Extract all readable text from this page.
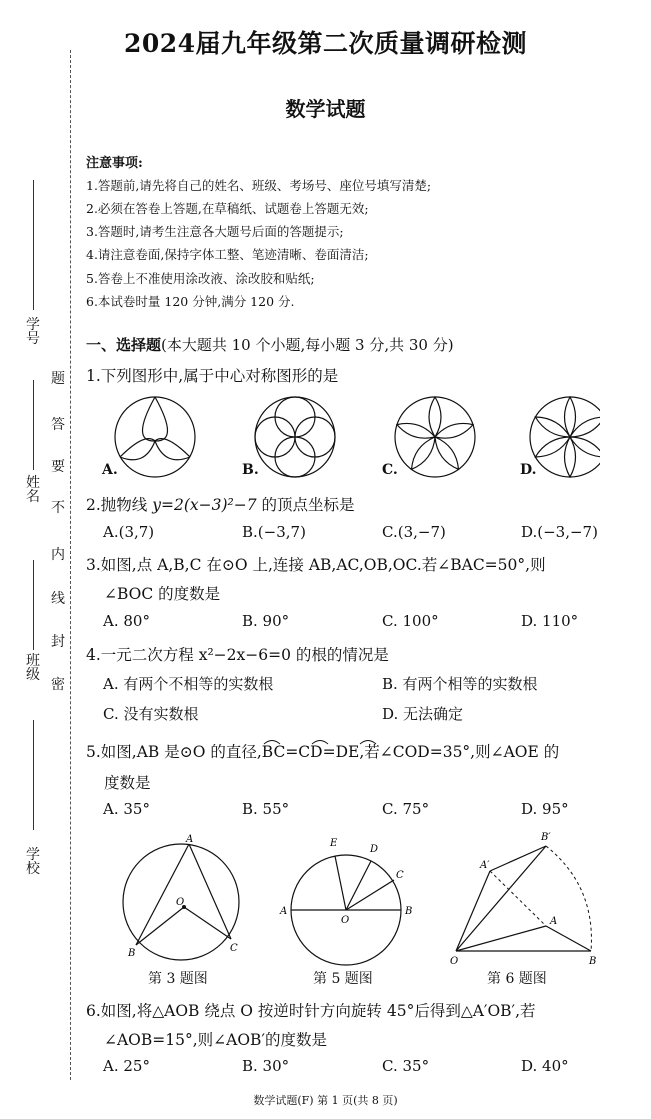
学 号
姓 名
班 级
学 校
题
答
要
不
内
线
封
密
2024届九年级第二次质量调研检测
数学试题
注意事项:
1.答题前,请先将自己的姓名、班级、考场号、座位号填写清楚;
2.必须在答卷上答题,在草稿纸、试题卷上答题无效;
3.答题时,请考生注意各大题号后面的答题提示;
4.请注意卷面,保持字体工整、笔迹清晰、卷面清洁;
5.答卷上不准使用涂改液、涂改胶和贴纸;
6.本试卷时量 120 分钟,满分 120 分.
一、选择题(本大题共 10 个小题,每小题 3 分,共 30 分)
1.下列图形中,属于中心对称图形的是
A.	B.	C.	D.
2.抛物线 y=2(x−3)²−7 的顶点坐标是
A.(3,7)	B.(−3,7)	C.(3,−7)	D.(−3,−7)
3.如图,点 A,B,C 在⊙O 上,连接 AB,AC,OB,OC.若∠BAC=50°,则
∠BOC 的度数是
A. 80°	B. 90°	C. 100°	D. 110°
4.一元二次方程 x²−2x−6=0 的根的情况是
A. 有两个不相等的实数根	B. 有两个相等的实数根
C. 没有实数根	D. 无法确定
5.如图,AB 是⊙O 的直径,BC=CD=DE,若∠COD=35°,则∠AOE 的
度数是
A. 35°	B. 55°	C. 75°	D. 95°
A
O
B	C
E
D
C
A
O
B
B′
A′
A
O	B
第 3 题图	第 5 题图	第 6 题图
6.如图,将△AOB 绕点 O 按逆时针方向旋转 45°后得到△A′OB′,若
∠AOB=15°,则∠AOB′的度数是
A. 25°	B. 30°	C. 35°	D. 40°
数学试题(F) 第 1 页(共 8 页)
